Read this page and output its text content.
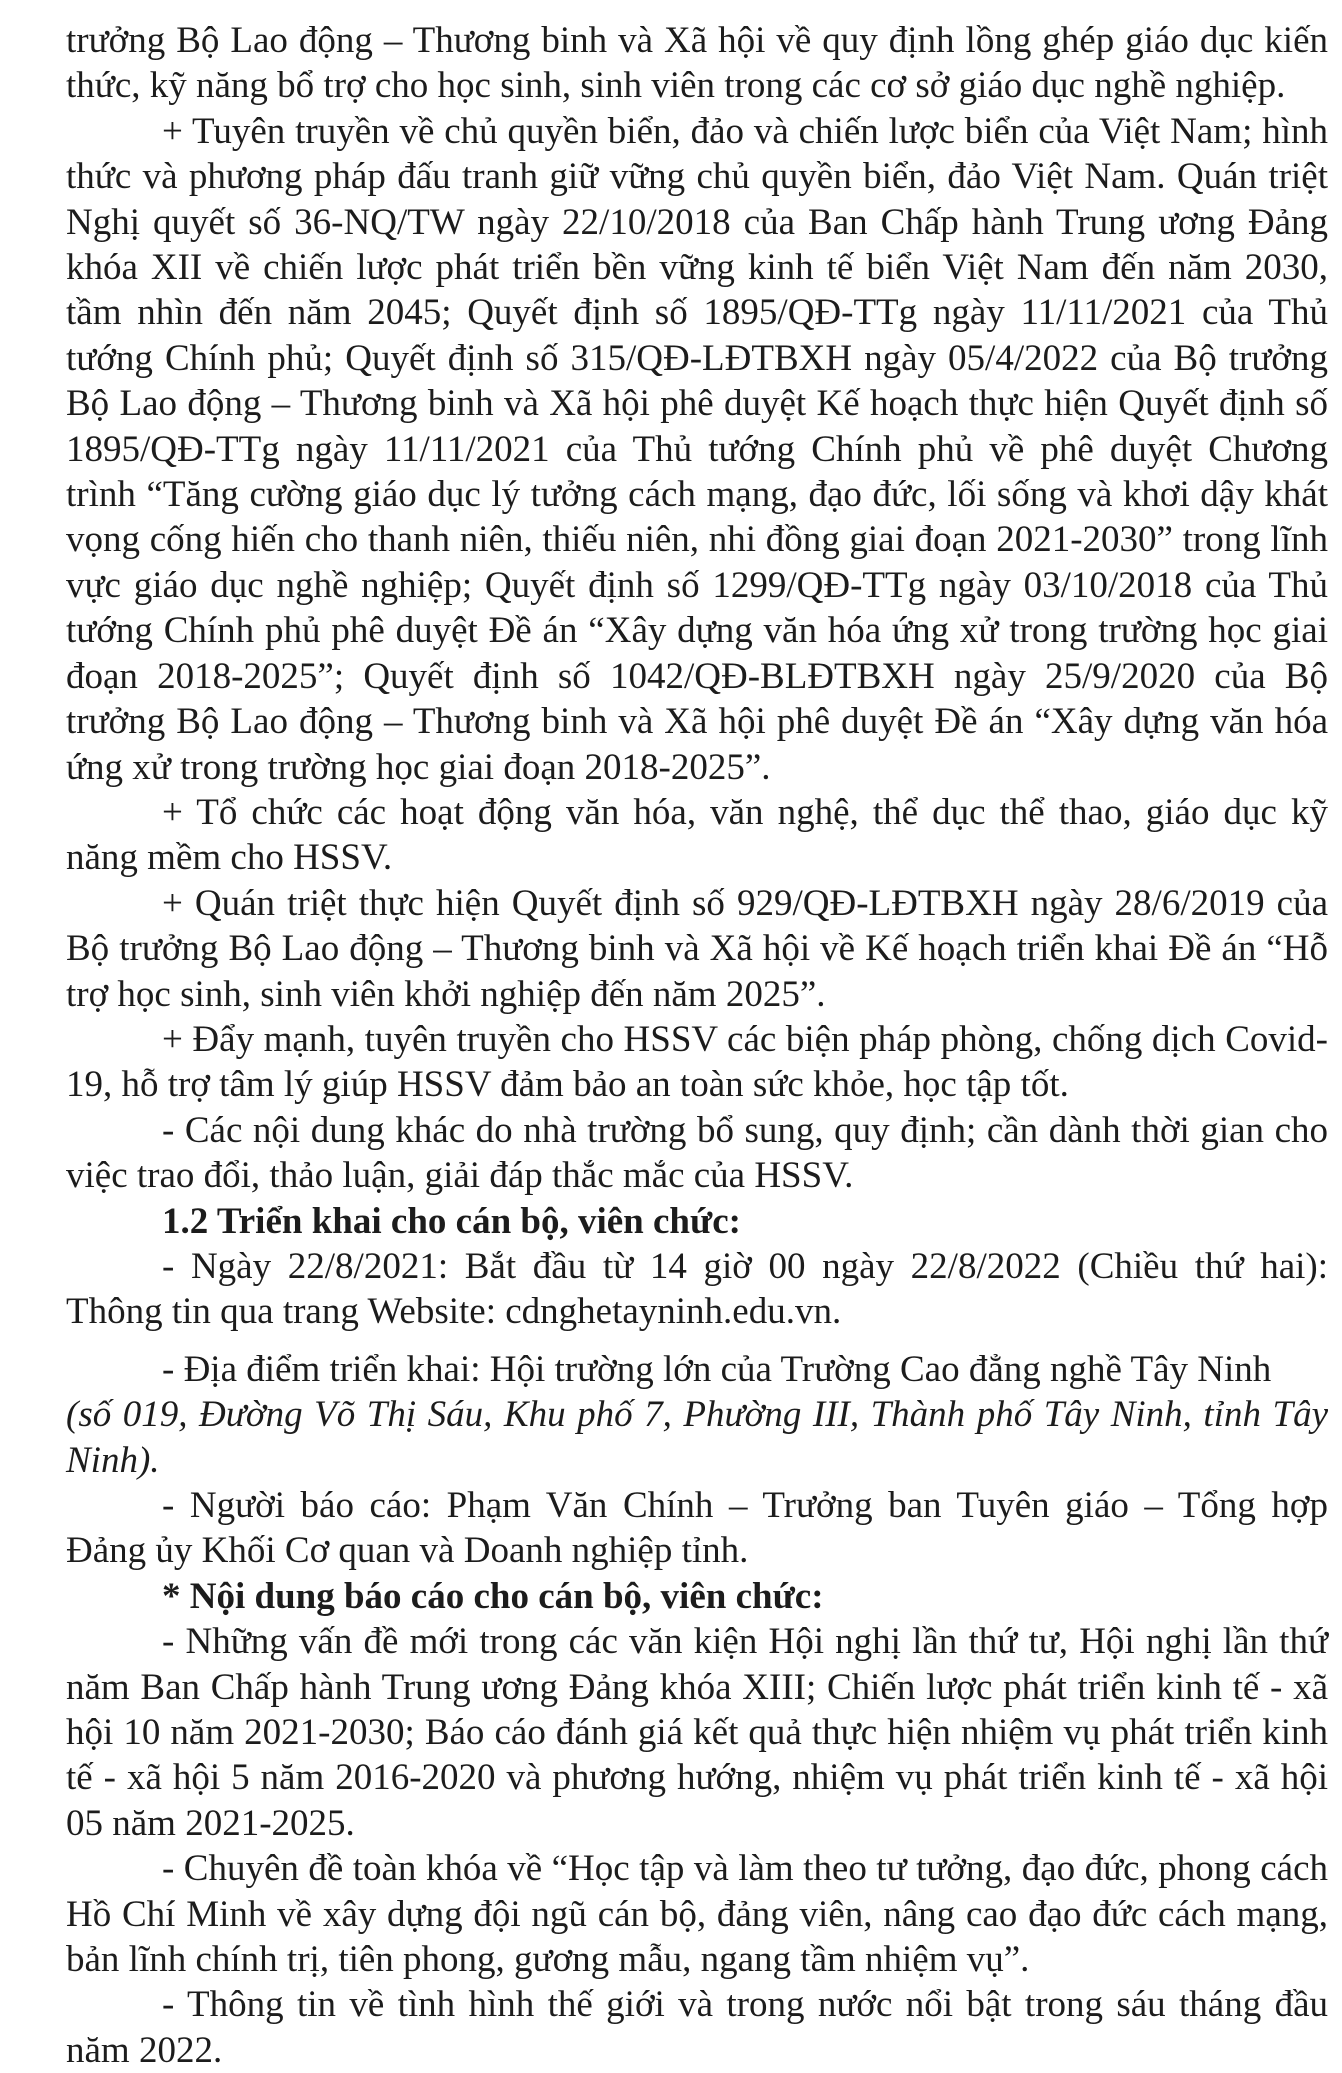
trưởng Bộ Lao động – Thương binh và Xã hội về quy định lồng ghép giáo dục kiến thức, kỹ năng bổ trợ cho học sinh, sinh viên trong các cơ sở giáo dục nghề nghiệp.

+ Tuyên truyền về chủ quyền biển, đảo và chiến lược biển của Việt Nam; hình thức và phương pháp đấu tranh giữ vững chủ quyền biển, đảo Việt Nam. Quán triệt Nghị quyết số 36-NQ/TW ngày 22/10/2018 của Ban Chấp hành Trung ương Đảng khóa XII về chiến lược phát triển bền vững kinh tế biển Việt Nam đến năm 2030, tầm nhìn đến năm 2045; Quyết định số 1895/QĐ-TTg ngày 11/11/2021 của Thủ tướng Chính phủ; Quyết định số 315/QĐ-LĐTBXH ngày 05/4/2022 của Bộ trưởng Bộ Lao động – Thương binh và Xã hội phê duyệt Kế hoạch thực hiện Quyết định số 1895/QĐ-TTg ngày 11/11/2021 của Thủ tướng Chính phủ về phê duyệt Chương trình “Tăng cường giáo dục lý tưởng cách mạng, đạo đức, lối sống và khơi dậy khát vọng cống hiến cho thanh niên, thiếu niên, nhi đồng giai đoạn 2021-2030” trong lĩnh vực giáo dục nghề nghiệp; Quyết định số 1299/QĐ-TTg ngày 03/10/2018 của Thủ tướng Chính phủ phê duyệt Đề án “Xây dựng văn hóa ứng xử trong trường học giai đoạn 2018-2025”; Quyết định số 1042/QĐ-BLĐTBXH ngày 25/9/2020 của Bộ trưởng Bộ Lao động – Thương binh và Xã hội phê duyệt Đề án “Xây dựng văn hóa ứng xử trong trường học giai đoạn 2018-2025”.

+ Tổ chức các hoạt động văn hóa, văn nghệ, thể dục thể thao, giáo dục kỹ năng mềm cho HSSV.

+ Quán triệt thực hiện Quyết định số 929/QĐ-LĐTBXH ngày 28/6/2019 của Bộ trưởng Bộ Lao động – Thương binh và Xã hội về Kế hoạch triển khai Đề án “Hỗ trợ học sinh, sinh viên khởi nghiệp đến năm 2025”.

+ Đẩy mạnh, tuyên truyền cho HSSV các biện pháp phòng, chống dịch Covid-19, hỗ trợ tâm lý giúp HSSV đảm bảo an toàn sức khỏe, học tập tốt.

- Các nội dung khác do nhà trường bổ sung, quy định; cần dành thời gian cho việc trao đổi, thảo luận, giải đáp thắc mắc của HSSV.

1.2 Triển khai cho cán bộ, viên chức:

- Ngày 22/8/2021: Bắt đầu từ 14 giờ 00 ngày 22/8/2022 (Chiều thứ hai): Thông tin qua trang Website: cdnghetayninh.edu.vn.

- Địa điểm triển khai: Hội trường lớn của Trường Cao đẳng nghề Tây Ninh

(số 019, Đường Võ Thị Sáu, Khu phố 7, Phường III, Thành phố Tây Ninh, tỉnh Tây Ninh).

- Người báo cáo: Phạm Văn Chính – Trưởng ban Tuyên giáo – Tổng hợp Đảng ủy Khối Cơ quan và Doanh nghiệp tỉnh.

* Nội dung báo cáo cho cán bộ, viên chức:

- Những vấn đề mới trong các văn kiện Hội nghị lần thứ tư, Hội nghị lần thứ năm Ban Chấp hành Trung ương Đảng khóa XIII; Chiến lược phát triển kinh tế - xã hội 10 năm 2021-2030; Báo cáo đánh giá kết quả thực hiện nhiệm vụ phát triển kinh tế - xã hội 5 năm 2016-2020 và phương hướng, nhiệm vụ phát triển kinh tế - xã hội 05 năm 2021-2025.

- Chuyên đề toàn khóa về “Học tập và làm theo tư tưởng, đạo đức, phong cách Hồ Chí Minh về xây dựng đội ngũ cán bộ, đảng viên, nâng cao đạo đức cách mạng, bản lĩnh chính trị, tiên phong, gương mẫu, ngang tầm nhiệm vụ”.

- Thông tin về tình hình thế giới và trong nước nổi bật trong sáu tháng đầu năm 2022.
